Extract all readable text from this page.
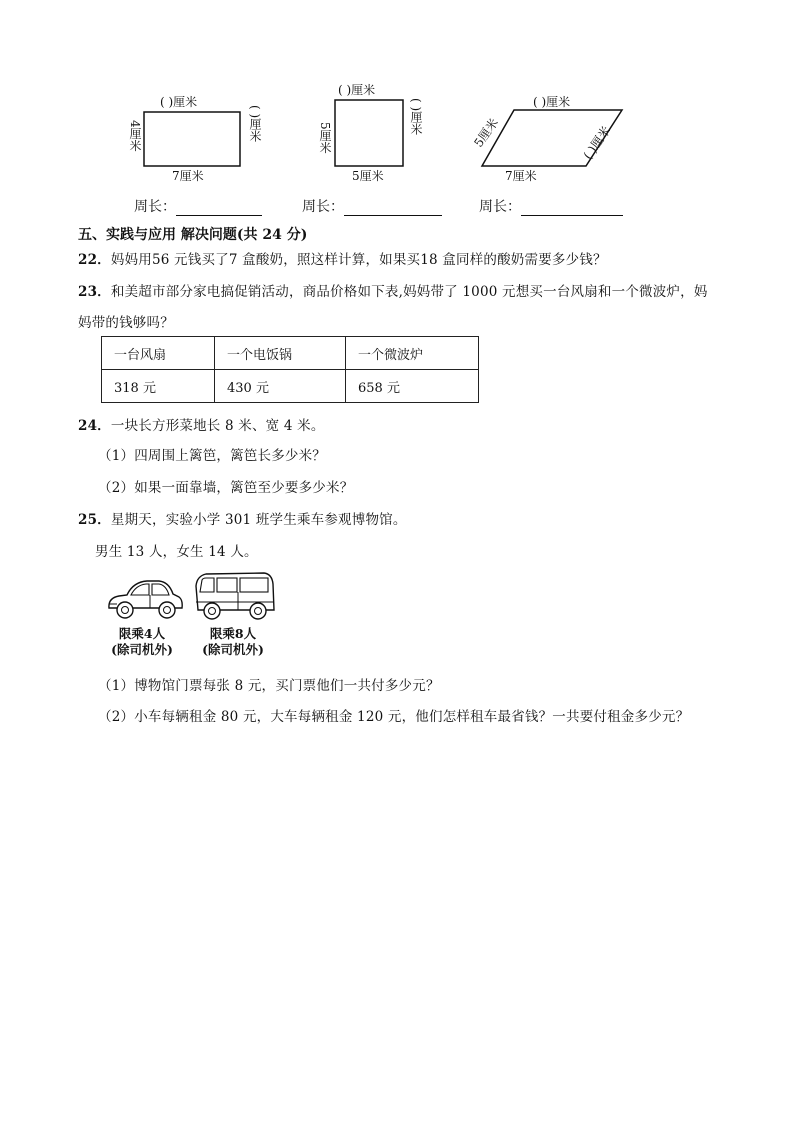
( )厘米
4厘米	( )厘米
7厘米
( )厘米
5厘米
( )厘米
5厘米
( )厘米
5厘米	( )厘米
7厘米
周长：	周长：	周长：
五、实践与应用 解决问题(共 24 分)
22．妈妈用56 元钱买了7 盒酸奶，照这样计算，如果买18 盒同样的酸奶需要多少钱？
23．和美超市部分家电搞促销活动，商品价格如下表,妈妈带了 1000 元想买一台风扇和一个微波炉，妈
妈带的钱够吗？
一台风扇	一个电饭锅	一个微波炉
318 元	430 元	658 元
24．一块长方形菜地长 8 米、宽 4 米。
（1）四周围上篱笆，篱笆长多少米？
（2）如果一面靠墙，篱笆至少要多少米？
25．星期天，实验小学 301 班学生乘车参观博物馆。
男生 13 人，女生 14 人。
限乘4人
(除司机外)
限乘8人
(除司机外)
（1）博物馆门票每张 8 元，买门票他们一共付多少元？
（2）小车每辆租金 80 元，大车每辆租金 120 元，他们怎样租车最省钱？一共要付租金多少元？
